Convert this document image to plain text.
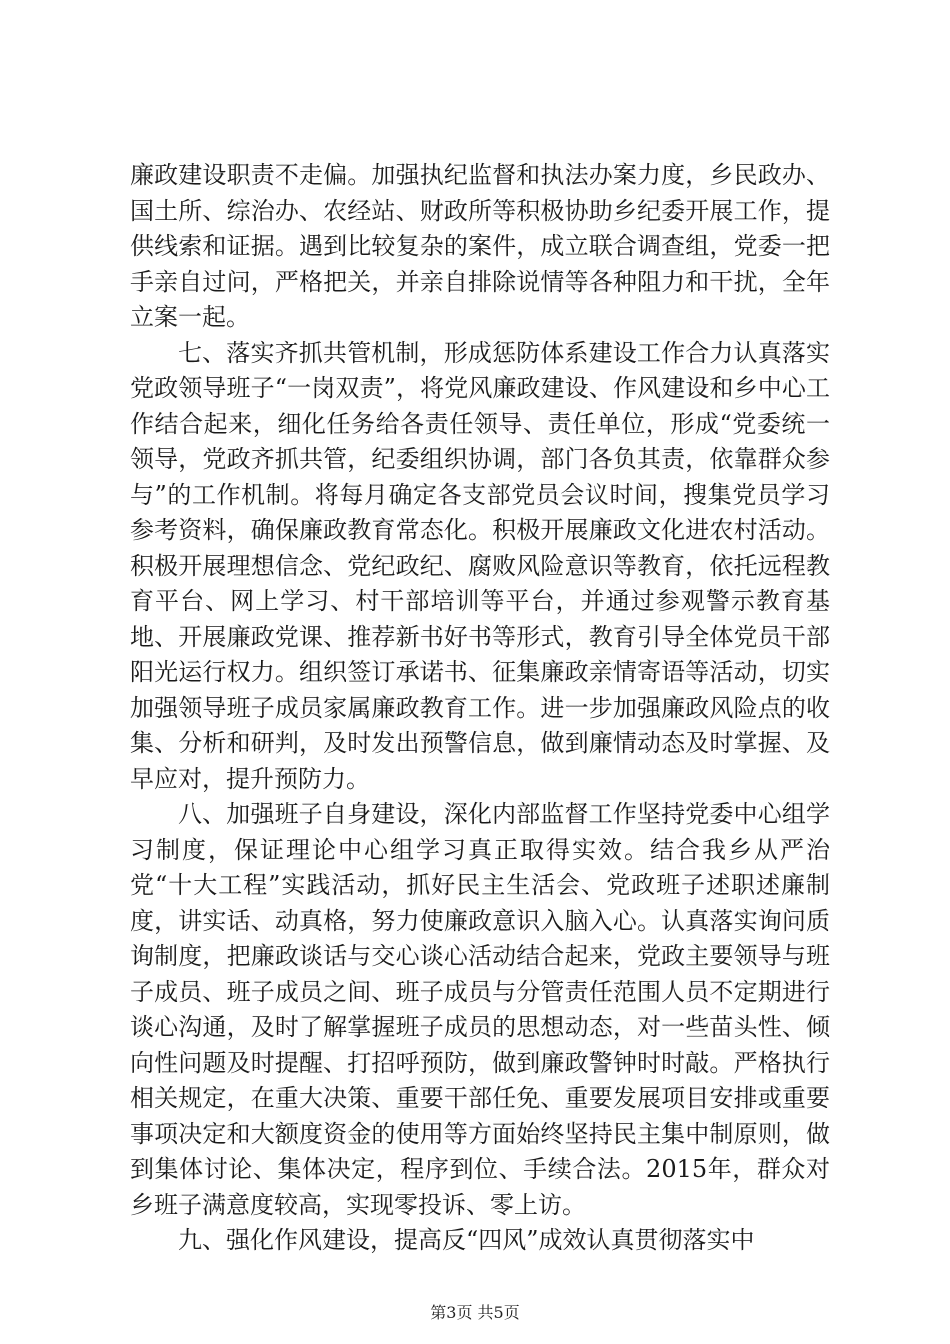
廉政建设职责不走偏。加强执纪监督和执法办案力度，乡民政办、国土所、综治办、农经站、财政所等积极协助乡纪委开展工作，提供线索和证据。遇到比较复杂的案件，成立联合调查组，党委一把手亲自过问，严格把关，并亲自排除说情等各种阻力和干扰，全年立案一起。

七、落实齐抓共管机制，形成惩防体系建设工作合力认真落实党政领导班子“一岗双责”，将党风廉政建设、作风建设和乡中心工作结合起来，细化任务给各责任领导、责任单位，形成“党委统一领导，党政齐抓共管，纪委组织协调，部门各负其责，依靠群众参与”的工作机制。将每月确定各支部党员会议时间，搜集党员学习参考资料，确保廉政教育常态化。积极开展廉政文化进农村活动。积极开展理想信念、党纪政纪、腐败风险意识等教育，依托远程教育平台、网上学习、村干部培训等平台，并通过参观警示教育基地、开展廉政党课、推荐新书好书等形式，教育引导全体党员干部阳光运行权力。组织签订承诺书、征集廉政亲情寄语等活动，切实加强领导班子成员家属廉政教育工作。进一步加强廉政风险点的收集、分析和研判，及时发出预警信息，做到廉情动态及时掌握、及早应对，提升预防力。

八、加强班子自身建设，深化内部监督工作坚持党委中心组学习制度，保证理论中心组学习真正取得实效。结合我乡从严治党“十大工程”实践活动，抓好民主生活会、党政班子述职述廉制度，讲实话、动真格，努力使廉政意识入脑入心。认真落实询问质询制度，把廉政谈话与交心谈心活动结合起来，党政主要领导与班子成员、班子成员之间、班子成员与分管责任范围人员不定期进行谈心沟通，及时了解掌握班子成员的思想动态，对一些苗头性、倾向性问题及时提醒、打招呼预防，做到廉政警钟时时敲。严格执行相关规定，在重大决策、重要干部任免、重要发展项目安排或重要事项决定和大额度资金的使用等方面始终坚持民主集中制原则，做到集体讨论、集体决定，程序到位、手续合法。2015年，群众对乡班子满意度较高，实现零投诉、零上访。

九、强化作风建设，提高反“四风”成效认真贯彻落实中

第3页 共5页
